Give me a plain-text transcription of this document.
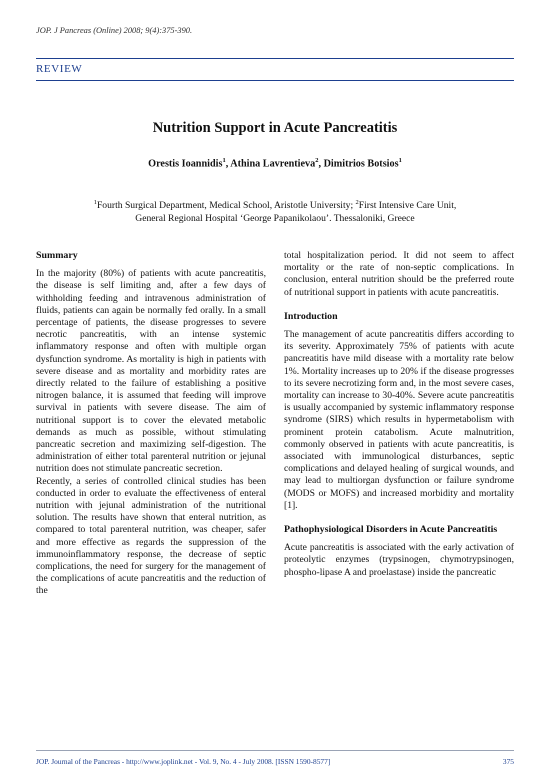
JOP. J Pancreas (Online) 2008; 9(4):375-390.
REVIEW
Nutrition Support in Acute Pancreatitis
Orestis Ioannidis$^1$, Athina Lavrentieva$^2$, Dimitrios Botsios$^1$
$^1$Fourth Surgical Department, Medical School, Aristotle University; $^2$First Intensive Care Unit,
General Regional Hospital ‘George Papanikolaou’. Thessaloniki, Greece
Summary

In the majority (80%) of patients with acute pancreatitis, the disease is self limiting and, after a few days of withholding feeding and intravenous administration of fluids, patients can again be normally fed orally. In a small percentage of patients, the disease progresses to severe necrotic pancreatitis, with an intense systemic inflammatory response and often with multiple organ dysfunction syndrome. As mortality is high in patients with severe disease and as mortality and morbidity rates are directly related to the failure of establishing a positive nitrogen balance, it is assumed that feeding will improve survival in patients with severe disease. The aim of nutritional support is to cover the elevated metabolic demands as much as possible, without stimulating pancreatic secretion and maximizing self-digestion. The administration of either total parenteral nutrition or jejunal nutrition does not stimulate pancreatic secretion.

Recently, a series of controlled clinical studies has been conducted in order to evaluate the effectiveness of enteral nutrition with jejunal administration of the nutritional solution. The results have shown that enteral nutrition, as compared to total parenteral nutrition, was cheaper, safer and more effective as regards the suppression of the immunoinflammatory response, the decrease of septic complications, the need for surgery for the management of the complications of acute pancreatitis and the reduction of the

total hospitalization period. It did not seem to affect mortality or the rate of non-septic complications. In conclusion, enteral nutrition should be the preferred route of nutritional support in patients with acute pancreatitis.

Introduction

The management of acute pancreatitis differs according to its severity. Approximately 75% of patients with acute pancreatitis have mild disease with a mortality rate below 1%. Mortality increases up to 20% if the disease progresses to its severe necrotizing form and, in the most severe cases, mortality can increase to 30-40%. Severe acute pancreatitis is usually accompanied by systemic inflammatory response syndrome (SIRS) which results in hypermetabolism with prominent protein catabolism. Acute malnutrition, commonly observed in patients with acute pancreatitis, is associated with immunological disturbances, septic complications and delayed healing of surgical wounds, and may lead to multiorgan dysfunction or failure syndrome (MODS or MOFS) and increased morbidity and mortality [1].

Pathophysiological Disorders in Acute Pancreatitis

Acute pancreatitis is associated with the early activation of proteolytic enzymes (trypsinogen, chymotrypsinogen, phospho-lipase A and proelastase) inside the pancreatic

JOP. Journal of the Pancreas - http://www.joplink.net - Vol. 9, No. 4 - July 2008. [ISSN 1590-8577]	375
